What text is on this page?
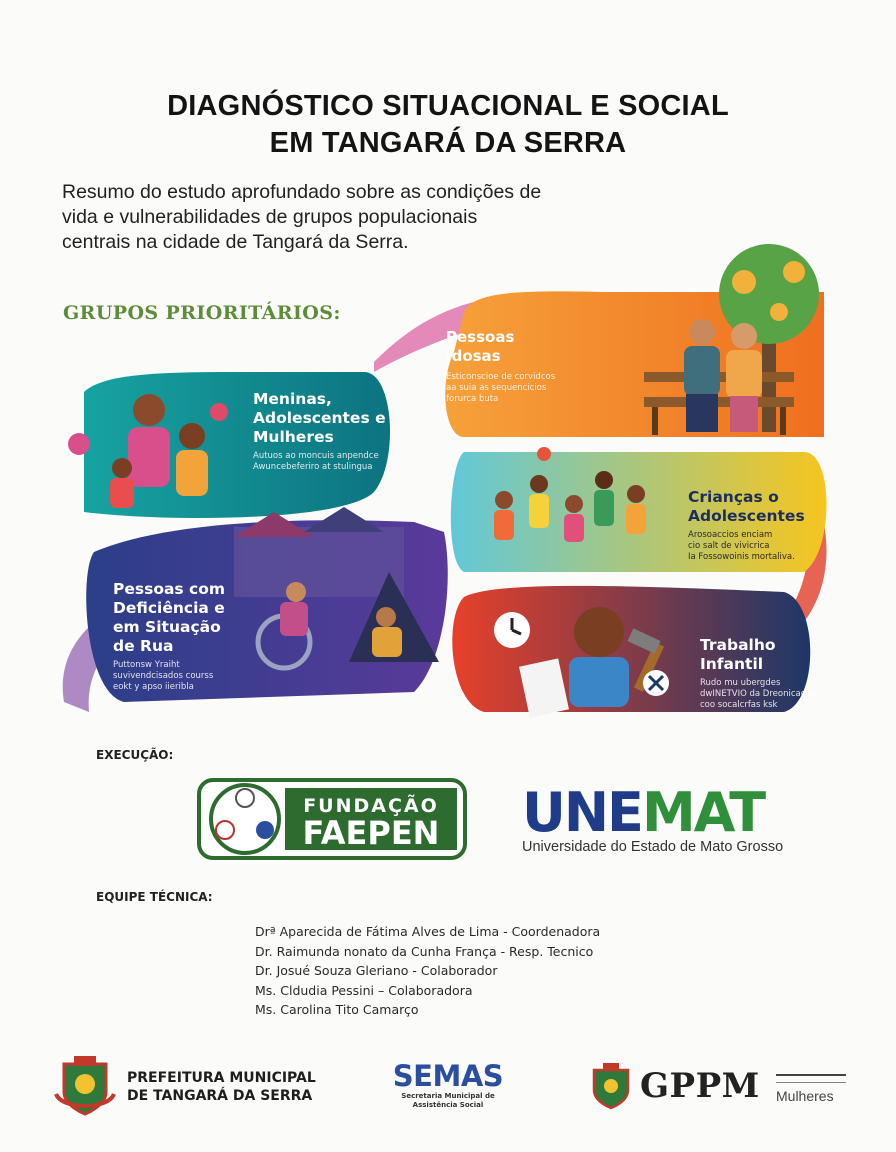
DIAGNÓSTICO SITUACIONAL E SOCIAL
EM TANGARÁ DA SERRA
Resumo do estudo aprofundado sobre as condições de vida e vulnerabilidades de grupos populacionais centrais na cidade de Tangará da Serra.
GRUPOS PRIORITÁRIOS:
Pessoas
Idosas
Esticonscioe de corvidcos
aa suia as sequencicios
forurca buta
Meninas,
Adolescentes e
Mulheres
Autuos ao moncuis anpendce
Awuncebeferiro at stulingua
Crianças o
Adolescentes
Arosoaccios enciam
cio salt de vivicrica
Ia Fossowoinis mortaliva.
Pessoas com
Deficiência e
em Situação
de Rua
Puttonsw Yraiht
suvivendcisados courss
eokt y apso iieribla
Trabalho
Infantil
Rudo mu ubergdes
dwINETVIO da Dreonicação
coo socalcrfas ksk
EXECUÇÃO:
FUNDAÇÃO
FAEPEN UNEMAT
Universidade do Estado de Mato Grosso
EQUIPE TÉCNICA:
Drª Aparecida de Fátima Alves de Lima - Coordenadora
Dr. Raimunda nonato da Cunha França - Resp. Tecnico
Dr. Josué Souza Gleriano - Colaborador
Ms. Cldudia Pessini – Colaboradora
Ms. Carolina Tito Camarço
PREFEITURA MUNICIPAL
DE TANGARÁ DA SERRA
SEMAS
Secretaria Municipal de
Assistência Social	GPPM Mulheres
